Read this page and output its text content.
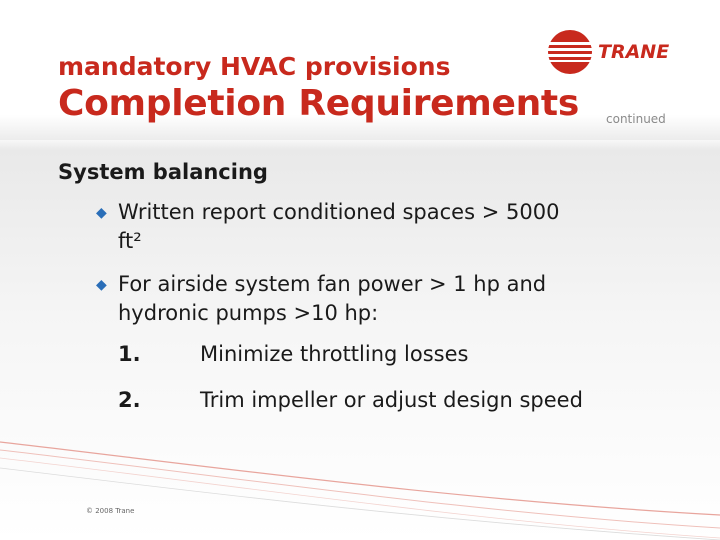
mandatory HVAC provisions
Completion Requirements continued
TRANE
System balancing
◆ Written report conditioned spaces > 5000
ft²
◆ For airside system fan power > 1 hp and
hydronic pumps >10 hp:
1.	Minimize throttling losses
2.	Trim impeller or adjust design speed
© 2008 Trane
